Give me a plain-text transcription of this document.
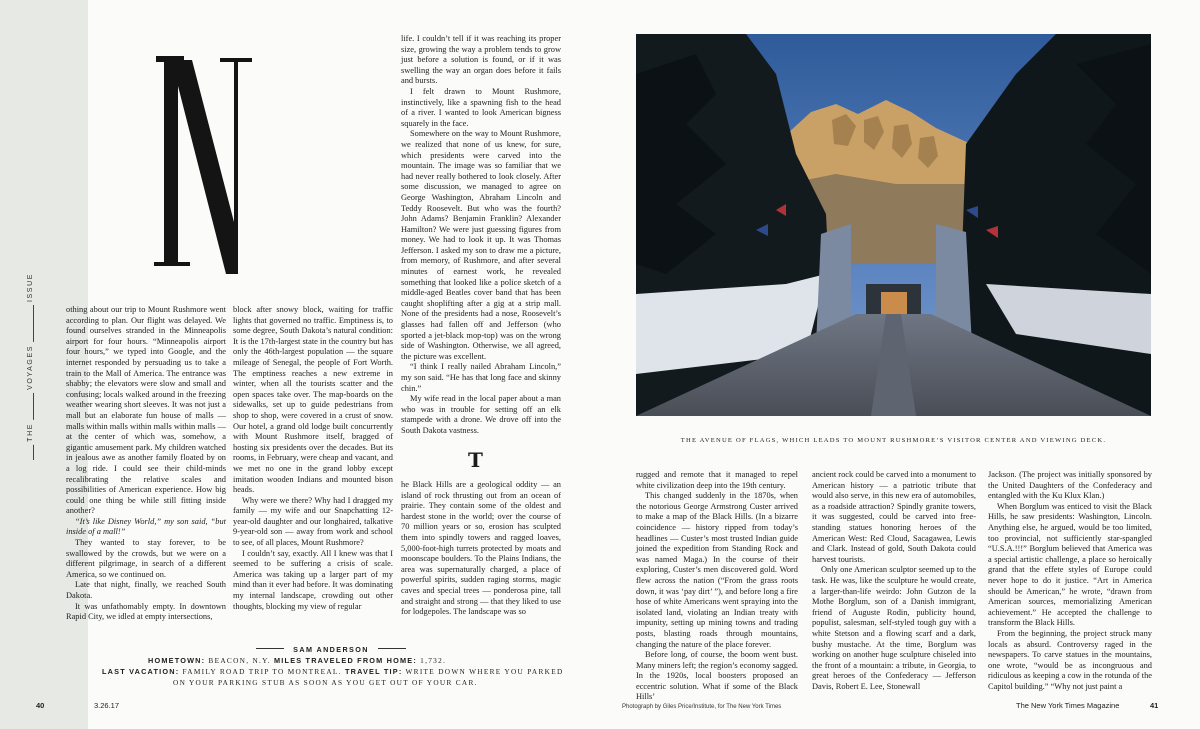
ISSUE
VOYAGES
THE

othing about our trip to Mount Rushmore went according to plan. Our flight was delayed. We found ourselves stranded in the Minneapolis airport for four hours. “Minneapolis airport four hours,” we typed into Google, and the internet responded by persuading us to take a train to the Mall of America. The entrance was shabby; the elevators were slow and small and confusing; locals walked around in the freezing weather wearing short sleeves. It was not just a mall but an elaborate fun house of malls — malls within malls within malls within malls — at the center of which was, somehow, a gigantic amusement park. My children watched in jealous awe as another family floated by on a log ride. I could see their child-minds recalibrating the relative scales and possibilities of American experience. How big could one thing be while still fitting inside another?

“It’s like Disney World,” my son said, “but inside of a mall!”

They wanted to stay forever, to be swallowed by the crowds, but we were on a different pilgrimage, in search of a different America, so we continued on.

Late that night, finally, we reached South Dakota.

It was unfathomably empty. In downtown Rapid City, we idled at empty intersections,

block after snowy block, waiting for traffic lights that governed no traffic. Emptiness is, to some degree, South Dakota’s natural condition: It is the 17th-largest state in the country but has only the 46th-largest population — the square mileage of Senegal, the people of Fort Worth. The emptiness reaches a new extreme in winter, when all the tourists scatter and the open spaces take over. The map-boards on the sidewalks, set up to guide pedestrians from shop to shop, were covered in a crust of snow. Our hotel, a grand old lodge built concurrently with Mount Rushmore itself, bragged of hosting six presidents over the decades. But its rooms, in February, were cheap and vacant, and we met no one in the grand lobby except imitation wooden Indians and mounted bison heads.

Why were we there? Why had I dragged my family — my wife and our Snapchatting 12-year-old daughter and our longhaired, talkative 9-year-old son — away from work and school to see, of all places, Mount Rushmore?

I couldn’t say, exactly. All I knew was that I seemed to be suffering a crisis of scale. America was taking up a larger part of my mind than it ever had before. It was dominating my internal landscape, crowding out other thoughts, blocking my view of regular

life. I couldn’t tell if it was reaching its proper size, growing the way a problem tends to grow just before a solution is found, or if it was swelling the way an organ does before it fails and bursts.

I felt drawn to Mount Rushmore, instinctively, like a spawning fish to the head of a river. I wanted to look American bigness squarely in the face.

Somewhere on the way to Mount Rushmore, we realized that none of us knew, for sure, which presidents were carved into the mountain. The image was so familiar that we had never really bothered to look closely. After some discussion, we managed to agree on George Washington, Abraham Lincoln and Teddy Roosevelt. But who was the fourth? John Adams? Benjamin Franklin? Alexander Hamilton? We were just guessing figures from money. We had to look it up. It was Thomas Jefferson. I asked my son to draw me a picture, from memory, of Rushmore, and after several minutes of earnest work, he revealed something that looked like a police sketch of a middle-aged Beatles cover band that has been caught shoplifting after a gig at a strip mall. None of the presidents had a nose, Roosevelt’s glasses had fallen off and Jefferson (who sported a jet-black mop-top) was on the wrong side of Washington. Otherwise, we all agreed, the picture was excellent.

“I think I really nailed Abraham Lincoln,” my son said. “He has that long face and skinny chin.”

My wife read in the local paper about a man who was in trouble for setting off an elk stampede with a drone. We drove off into the South Dakota vastness.

T

he Black Hills are a geological oddity — an island of rock thrusting out from an ocean of prairie. They contain some of the oldest and hardest stone in the world; over the course of 70 million years or so, erosion has sculpted them into spindly towers and ragged loaves, 5,000-foot-high turrets protected by moats and moonscape boulders. To the Plains Indians, the area was supernaturally charged, a place of powerful spirits, sudden raging storms, magic caves and special trees — ponderosa pine, tall and straight and strong — that they liked to use for lodgepoles. The landscape was so

SAM ANDERSON
HOMETOWN: BEACON, N.Y. MILES TRAVELED FROM HOME: 1,732.
LAST VACATION: FAMILY ROAD TRIP TO MONTREAL. TRAVEL TIP: WRITE DOWN WHERE YOU PARKED
ON YOUR PARKING STUB AS SOON AS YOU GET OUT OF YOUR CAR.
40	3.26.17
THE AVENUE OF FLAGS, WHICH LEADS TO MOUNT RUSHMORE’S VISITOR CENTER AND VIEWING DECK.

rugged and remote that it managed to repel white civilization deep into the 19th century.

This changed suddenly in the 1870s, when the notorious George Armstrong Custer arrived to make a map of the Black Hills. (In a bizarre coincidence — history ripped from today’s headlines — Custer’s most trusted Indian guide joined the expedition from Standing Rock and was named Maga.) In the course of their exploring, Custer’s men discovered gold. Word flew across the nation (“From the grass roots down, it was ‘pay dirt’ ”), and before long a fire hose of white Americans went spraying into the isolated land, violating an Indian treaty with impunity, setting up mining towns and trading posts, blasting roads through mountains, changing the nature of the place forever.

Before long, of course, the boom went bust. Many miners left; the region’s economy sagged. In the 1920s, local boosters proposed an eccentric solution. What if some of the Black Hills’

ancient rock could be carved into a monument to American history — a patriotic tribute that would also serve, in this new era of automobiles, as a roadside attraction? Spindly granite towers, it was suggested, could be carved into free-standing statues honoring heroes of the American West: Red Cloud, Sacagawea, Lewis and Clark. Instead of gold, South Dakota could harvest tourists.

Only one American sculptor seemed up to the task. He was, like the sculpture he would create, a larger-than-life weirdo: John Gutzon de la Mothe Borglum, son of a Danish immigrant, friend of Auguste Rodin, publicity hound, populist, salesman, self-styled tough guy with a white Stetson and a flowing scarf and a dark, bushy mustache. At the time, Borglum was working on another huge sculpture chiseled into the front of a mountain: a tribute, in Georgia, to great heroes of the Confederacy — Jefferson Davis, Robert E. Lee, Stonewall

Jackson. (The project was initially sponsored by the United Daughters of the Confederacy and entangled with the Ku Klux Klan.)

When Borglum was enticed to visit the Black Hills, he saw presidents: Washington, Lincoln. Anything else, he argued, would be too limited, too provincial, not sufficiently star-spangled “U.S.A.!!!” Borglum believed that America was a special artistic challenge, a place so heroically grand that the effete styles of Europe could never hope to do it justice. “Art in America should be American,” he wrote, “drawn from American sources, memorializing American achievement.” He accepted the challenge to transform the Black Hills.

From the beginning, the project struck many locals as absurd. Controversy raged in the newspapers. To carve statues in the mountains, one wrote, “would be as incongruous and ridiculous as keeping a cow in the rotunda of the Capitol building.” “Why not just paint a

Photograph by Giles Price/Institute, for The New York Times	The New York Times Magazine	41
